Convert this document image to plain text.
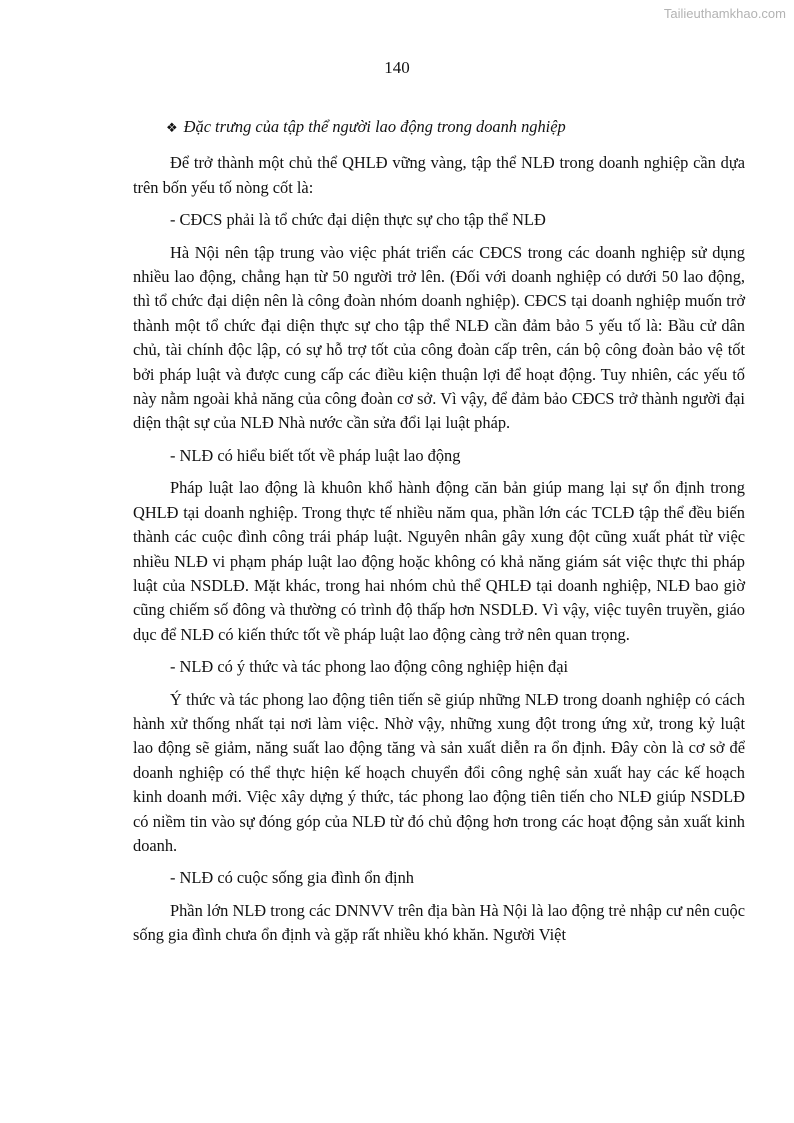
Tailieuthamkhao.com
140

❖ Đặc trưng của tập thể người lao động trong doanh nghiệp

Để trở thành một chủ thể QHLĐ vững vàng, tập thể NLĐ trong doanh nghiệp cần dựa trên bốn yếu tố nòng cốt là:

- CĐCS phải là tổ chức đại diện thực sự cho tập thể NLĐ

Hà Nội nên tập trung vào việc phát triển các CĐCS trong các doanh nghiệp sử dụng nhiều lao động, chẳng hạn từ 50 người trở lên. (Đối với doanh nghiệp có dưới 50 lao động, thì tổ chức đại diện nên là công đoàn nhóm doanh nghiệp). CĐCS tại doanh nghiệp muốn trở thành một tổ chức đại diện thực sự cho tập thể NLĐ cần đảm bảo 5 yếu tố là: Bầu cử dân chủ, tài chính độc lập, có sự hỗ trợ tốt của công đoàn cấp trên, cán bộ công đoàn bảo vệ tốt bởi pháp luật và được cung cấp các điều kiện thuận lợi để hoạt động. Tuy nhiên, các yếu tố này nằm ngoài khả năng của công đoàn cơ sở. Vì vậy, để đảm bảo CĐCS trở thành người đại diện thật sự của NLĐ Nhà nước cần sửa đổi lại luật pháp.

- NLĐ có hiểu biết tốt về pháp luật lao động

Pháp luật lao động là khuôn khổ hành động căn bản giúp mang lại sự ổn định trong QHLĐ tại doanh nghiệp. Trong thực tế nhiều năm qua, phần lớn các TCLĐ tập thể đều biến thành các cuộc đình công trái pháp luật. Nguyên nhân gây xung đột cũng xuất phát từ việc nhiều NLĐ vi phạm pháp luật lao động hoặc không có khả năng giám sát việc thực thi pháp luật của NSDLĐ. Mặt khác, trong hai nhóm chủ thể QHLĐ tại doanh nghiệp, NLĐ bao giờ cũng chiếm số đông và thường có trình độ thấp hơn NSDLĐ. Vì vậy, việc tuyên truyền, giáo dục để NLĐ có kiến thức tốt về pháp luật lao động càng trở nên quan trọng.

- NLĐ có ý thức và tác phong lao động công nghiệp hiện đại

Ý thức và tác phong lao động tiên tiến sẽ giúp những NLĐ trong doanh nghiệp có cách hành xử thống nhất tại nơi làm việc. Nhờ vậy, những xung đột trong ứng xử, trong kỷ luật lao động sẽ giảm, năng suất lao động tăng và sản xuất diễn ra ổn định. Đây còn là cơ sở để doanh nghiệp có thể thực hiện kế hoạch chuyển đổi công nghệ sản xuất hay các kế hoạch kinh doanh mới. Việc xây dựng ý thức, tác phong lao động tiên tiến cho NLĐ giúp NSDLĐ có niềm tin vào sự đóng góp của NLĐ từ đó chủ động hơn trong các hoạt động sản xuất kinh doanh.

- NLĐ có cuộc sống gia đình ổn định

Phần lớn NLĐ trong các DNNVV trên địa bàn Hà Nội là lao động trẻ nhập cư nên cuộc sống gia đình chưa ổn định và gặp rất nhiều khó khăn. Người Việt
